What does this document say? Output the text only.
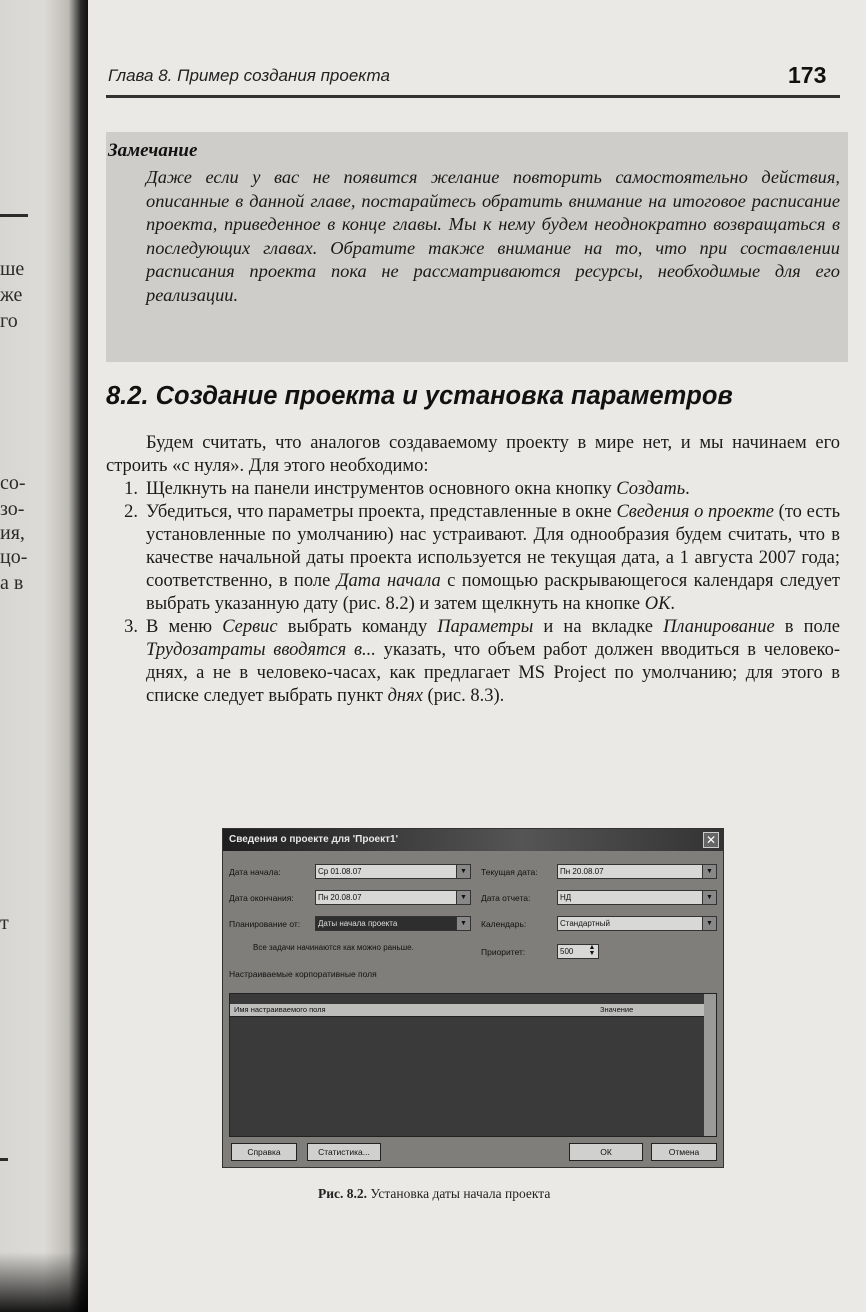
ше
же
го
со-
зо-
ия,
цо-
а в
т
Глава 8. Пример создания проекта	173
Замечание
Даже если у вас не появится желание повторить самостоятельно действия, описанные в данной главе, постарайтесь обратить внимание на итоговое расписание проекта, приведенное в конце главы. Мы к нему будем неоднократно возвращаться в последующих главах. Обратите также внимание на то, что при составлении расписания проекта пока не рассматриваются ресурсы, необходимые для его реализации.
8.2. Создание проекта и установка параметров

Будем считать, что аналогов создаваемому проекту в мире нет, и мы начинаем его строить «с нуля». Для этого необходимо:

1. Щелкнуть на панели инструментов основного окна кнопку Создать.
2. Убедиться, что параметры проекта, представленные в окне Сведения о проекте (то есть установленные по умолчанию) нас устраивают. Для однообразия будем считать, что в качестве начальной даты проекта используется не текущая дата, а 1 августа 2007 года; соответственно, в поле Дата начала с помощью раскрывающегося календаря следует выбрать указанную дату (рис. 8.2) и затем щелкнуть на кнопке ОК.
3. В меню Сервис выбрать команду Параметры и на вкладке Планирование в поле Трудозатраты вводятся в... указать, что объем работ должен вводиться в человеко-днях, а не в человеко-часах, как предлагает MS Project по умолчанию; для этого в списке следует выбрать пункт днях (рис. 8.3).
Сведения о проекте для 'Проект1'	✕
Дата начала:	Ср 01.08.07	▼
Дата окончания:	Пн 20.08.07	▼
Планирование от:	Даты начала проекта	▼
Все задачи начинаются как можно раньше.
Текущая дата:	Пн 20.08.07	▼
Дата отчета:	НД	▼
Календарь:	Стандартный	▼
Приоритет:	500 ▲
▼
Настраиваемые корпоративные поля
Имя настраиваемого поля	Значение
Справка	Статистика...	ОК	Отмена
Рис. 8.2. Установка даты начала проекта
